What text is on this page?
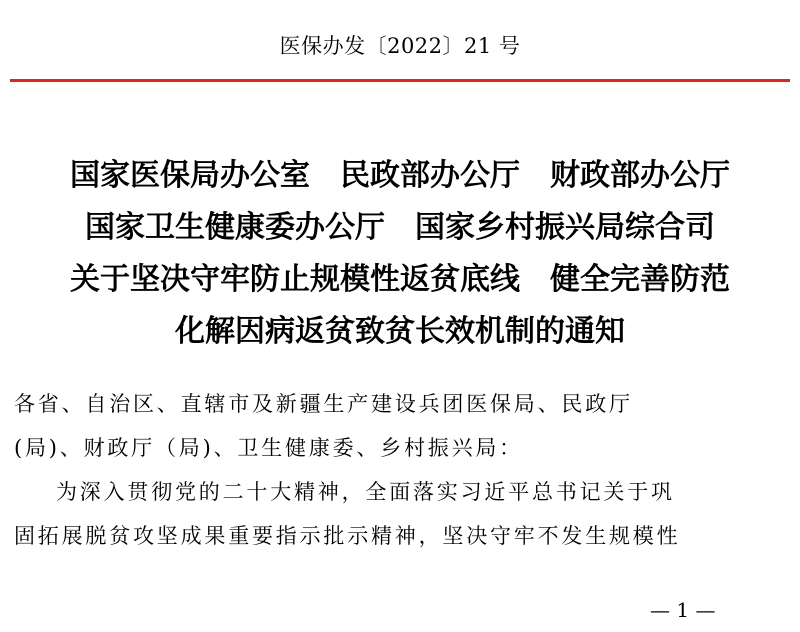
医保办发〔2022〕21 号
国家医保局办公室　民政部办公厅　财政部办公厅
国家卫生健康委办公厅　国家乡村振兴局综合司
关于坚决守牢防止规模性返贫底线　健全完善防范
化解因病返贫致贫长效机制的通知
各省、自治区、直辖市及新疆生产建设兵团医保局、民政厅
(局)、财政厅（局)、卫生健康委、乡村振兴局：
为深入贯彻党的二十大精神，全面落实习近平总书记关于巩
固拓展脱贫攻坚成果重要指示批示精神，坚决守牢不发生规模性
— 1 —
